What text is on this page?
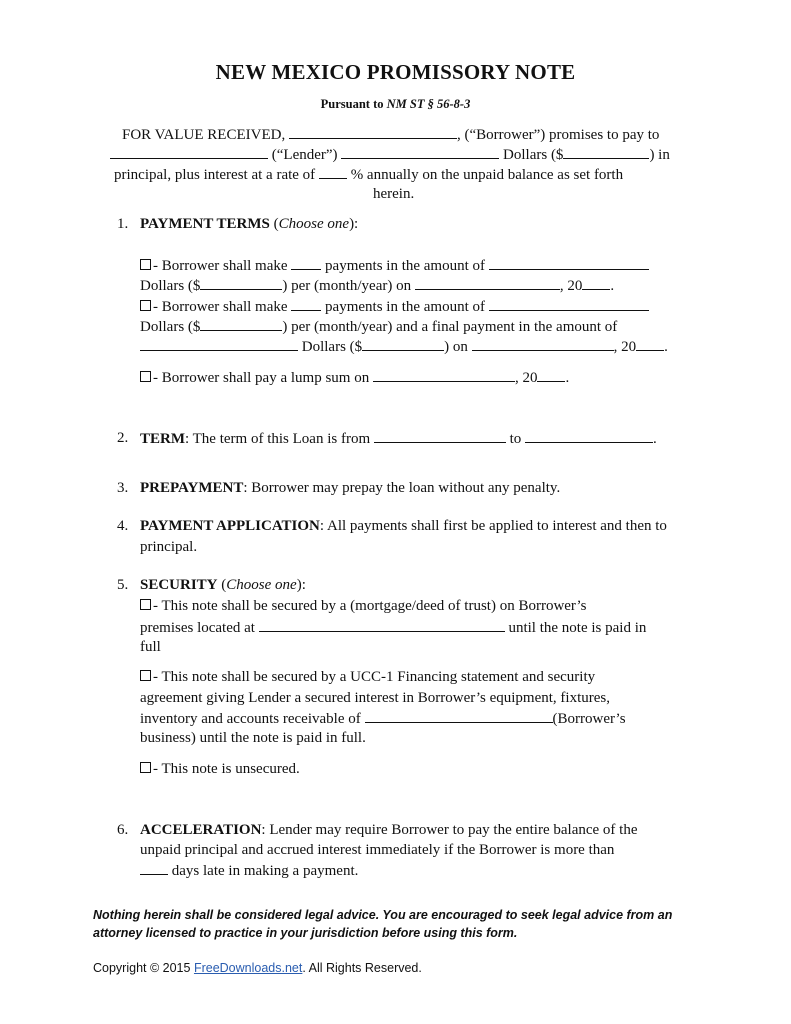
NEW MEXICO PROMISSORY NOTE
Pursuant to NM ST § 56-8-3
FOR VALUE RECEIVED,	, (“Borrower”) promises to pay to
(“Lender”)	Dollars ($	) in
principal, plus interest at a rate of % annually on the unpaid balance as set forth
herein.
1. PAYMENT TERMS (Choose one):
- Borrower shall make	payments in the amount of
Dollars ($	) per (month/year) on	, 20 .
- Borrower shall make	payments in the amount of
Dollars ($	) per (month/year) and a final payment in the amount of
Dollars ($	) on	, 20 .
- Borrower shall pay a lump sum on	, 20 .
2. TERM: The term of this Loan is from	to	.
3. PREPAYMENT: Borrower may prepay the loan without any penalty.
4. PAYMENT APPLICATION: All payments shall first be applied to interest and then to
principal.
5. SECURITY (Choose one):
- This note shall be secured by a (mortgage/deed of trust) on Borrower’s
premises located at	until the note is paid in
full
- This note shall be secured by a UCC-1 Financing statement and security
agreement giving Lender a secured interest in Borrower’s equipment, fixtures,
inventory and accounts receivable of	(Borrower’s
business) until the note is paid in full.
- This note is unsecured.
6. ACCELERATION: Lender may require Borrower to pay the entire balance of the
unpaid principal and accrued interest immediately if the Borrower is more than
days late in making a payment.
Nothing herein shall be considered legal advice. You are encouraged to seek legal advice from an attorney licensed to practice in your jurisdiction before using this form.
Copyright © 2015 FreeDownloads.net. All Rights Reserved.
